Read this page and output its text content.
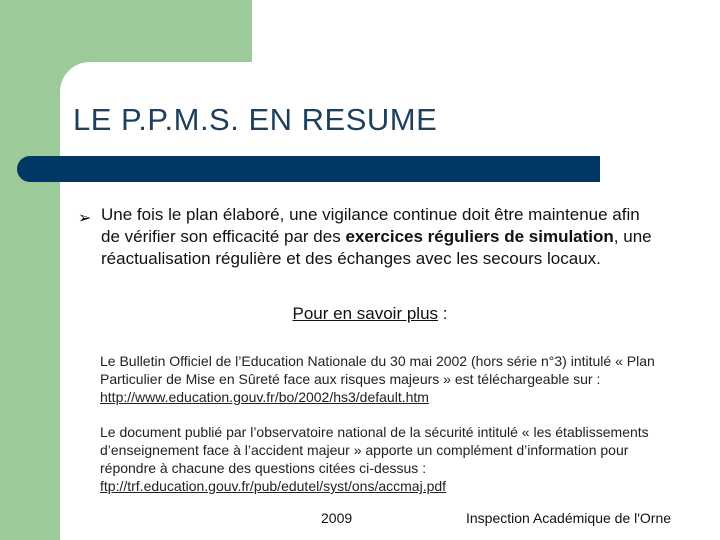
LE P.P.M.S. EN RESUME
➢ Une fois le plan élaboré, une vigilance continue doit être maintenue afin de vérifier son efficacité par des exercices réguliers de simulation, une réactualisation régulière et des échanges avec les secours locaux.
Pour en savoir plus :
Le Bulletin Officiel de l’Education Nationale du 30 mai 2002 (hors série n°3) intitulé « Plan Particulier de Mise en Sûreté face aux risques majeurs » est téléchargeable sur : http://www.education.gouv.fr/bo/2002/hs3/default.htm
Le document publié par l’observatoire national de la sécurité intitulé « les établissements d’enseignement face à l’accident majeur » apporte un complément d’information pour répondre à chacune des questions citées ci-dessus : ftp://trf.education.gouv.fr/pub/edutel/syst/ons/accmaj.pdf
2009	Inspection Académique de l'Orne
